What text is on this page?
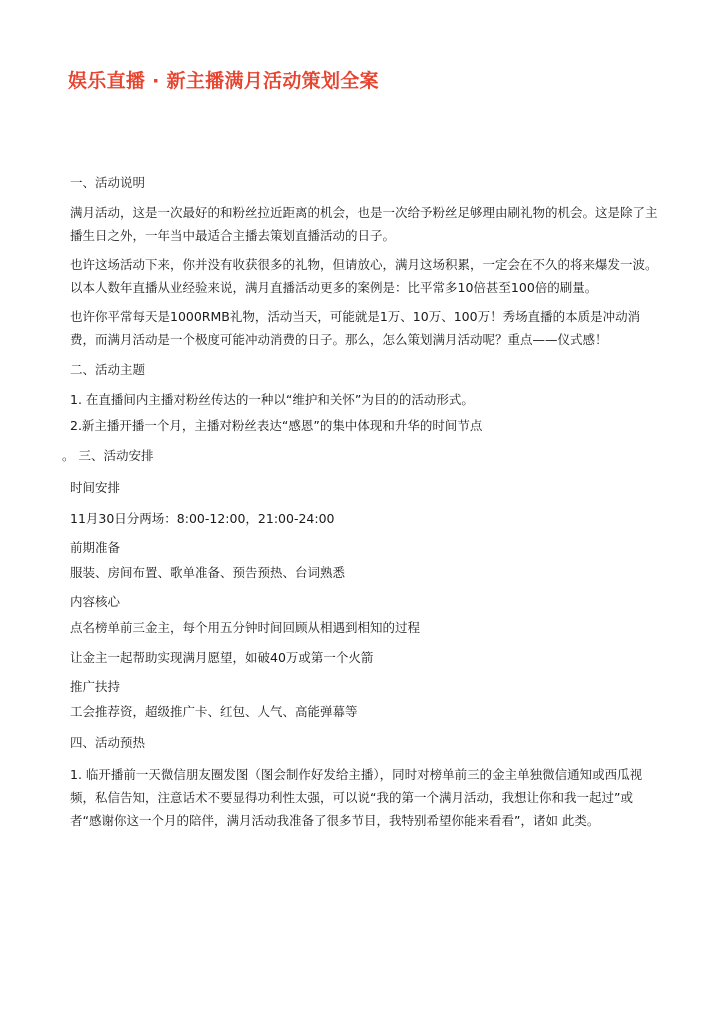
娱乐直播 · 新主播满月活动策划全案
一、活动说明
满月活动，这是一次最好的和粉丝拉近距离的机会，也是一次给予粉丝足够理由刷礼物的机会。这是除了主播生日之外，一年当中最适合主播去策划直播活动的日子。
也许这场活动下来，你并没有收获很多的礼物，但请放心，满月这场积累，一定会在不久的将来爆发一波。以本人数年直播从业经验来说，满月直播活动更多的案例是：比平常多10倍甚至100倍的刷量。
也许你平常每天是1000RMB礼物，活动当天，可能就是1万、10万、100万！秀场直播的本质是冲动消费，而满月活动是一个极度可能冲动消费的日子。那么，怎么策划满月活动呢？重点——仪式感！
二、活动主题
1. 在直播间内主播对粉丝传达的一种以“维护和关怀”为目的的活动形式。
2.新主播开播一个月，主播对粉丝表达“感恩”的集中体现和升华的时间节点
。 三、活动安排
时间安排
11月30日分两场：8:00-12:00，21:00-24:00
前期准备
服装、房间布置、歌单准备、预告预热、台词熟悉
内容核心
点名榜单前三金主，每个用五分钟时间回顾从相遇到相知的过程
让金主一起帮助实现满月愿望，如破40万或第一个火箭
推广扶持
工会推荐资，超级推广卡、红包、人气、高能弹幕等
四、活动预热
1. 临开播前一天微信朋友圈发图（图会制作好发给主播），同时对榜单前三的金主单独微信通知或西瓜视频，私信告知，注意话术不要显得功利性太强，可以说“我的第一个满月活动，我想让你和我一起过”或者“感谢你这一个月的陪伴，满月活动我准备了很多节目，我特别希望你能来看看”，诸如 此类。
